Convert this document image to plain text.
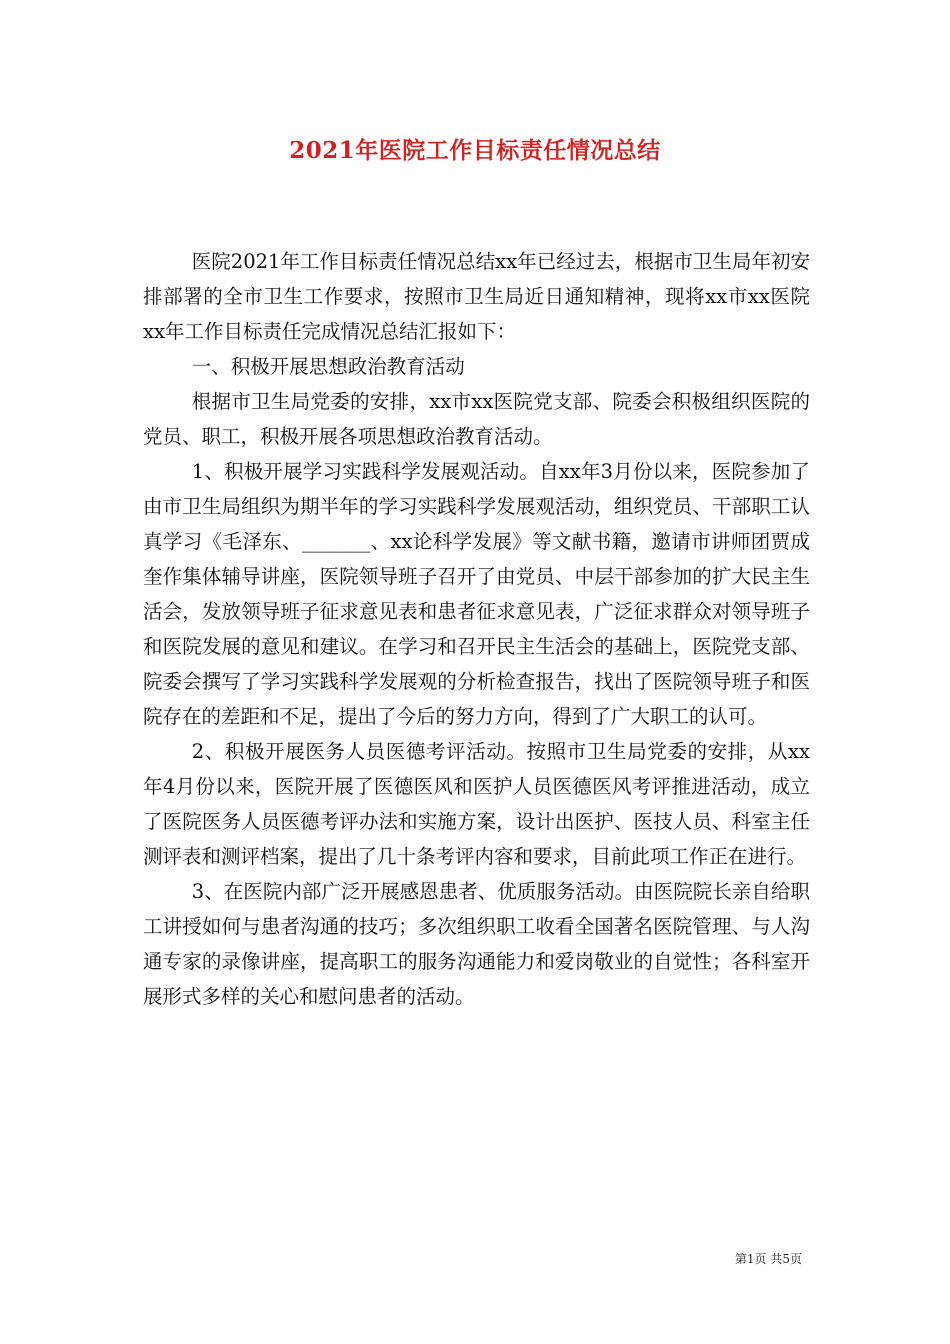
2021年医院工作目标责任情况总结

医院2021年工作目标责任情况总结xx年已经过去，根据市卫生局年初安排部署的全市卫生工作要求，按照市卫生局近日通知精神，现将xx市xx医院xx年工作目标责任完成情况总结汇报如下：

一、积极开展思想政治教育活动

根据市卫生局党委的安排，xx市xx医院党支部、院委会积极组织医院的党员、职工，积极开展各项思想政治教育活动。

1、积极开展学习实践科学发展观活动。自xx年3月份以来，医院参加了由市卫生局组织为期半年的学习实践科学发展观活动，组织党员、干部职工认真学习《毛泽东、_______、xx论科学发展》等文献书籍，邀请市讲师团贾成奎作集体辅导讲座，医院领导班子召开了由党员、中层干部参加的扩大民主生活会，发放领导班子征求意见表和患者征求意见表，广泛征求群众对领导班子和医院发展的意见和建议。在学习和召开民主生活会的基础上，医院党支部、院委会撰写了学习实践科学发展观的分析检查报告，找出了医院领导班子和医院存在的差距和不足，提出了今后的努力方向，得到了广大职工的认可。

2、积极开展医务人员医德考评活动。按照市卫生局党委的安排，从xx年4月份以来，医院开展了医德医风和医护人员医德医风考评推进活动，成立了医院医务人员医德考评办法和实施方案，设计出医护、医技人员、科室主任测评表和测评档案，提出了几十条考评内容和要求，目前此项工作正在进行。

3、在医院内部广泛开展感恩患者、优质服务活动。由医院院长亲自给职工讲授如何与患者沟通的技巧；多次组织职工收看全国著名医院管理、与人沟通专家的录像讲座，提高职工的服务沟通能力和爱岗敬业的自觉性；各科室开展形式多样的关心和慰问患者的活动。

第1页 共5页
